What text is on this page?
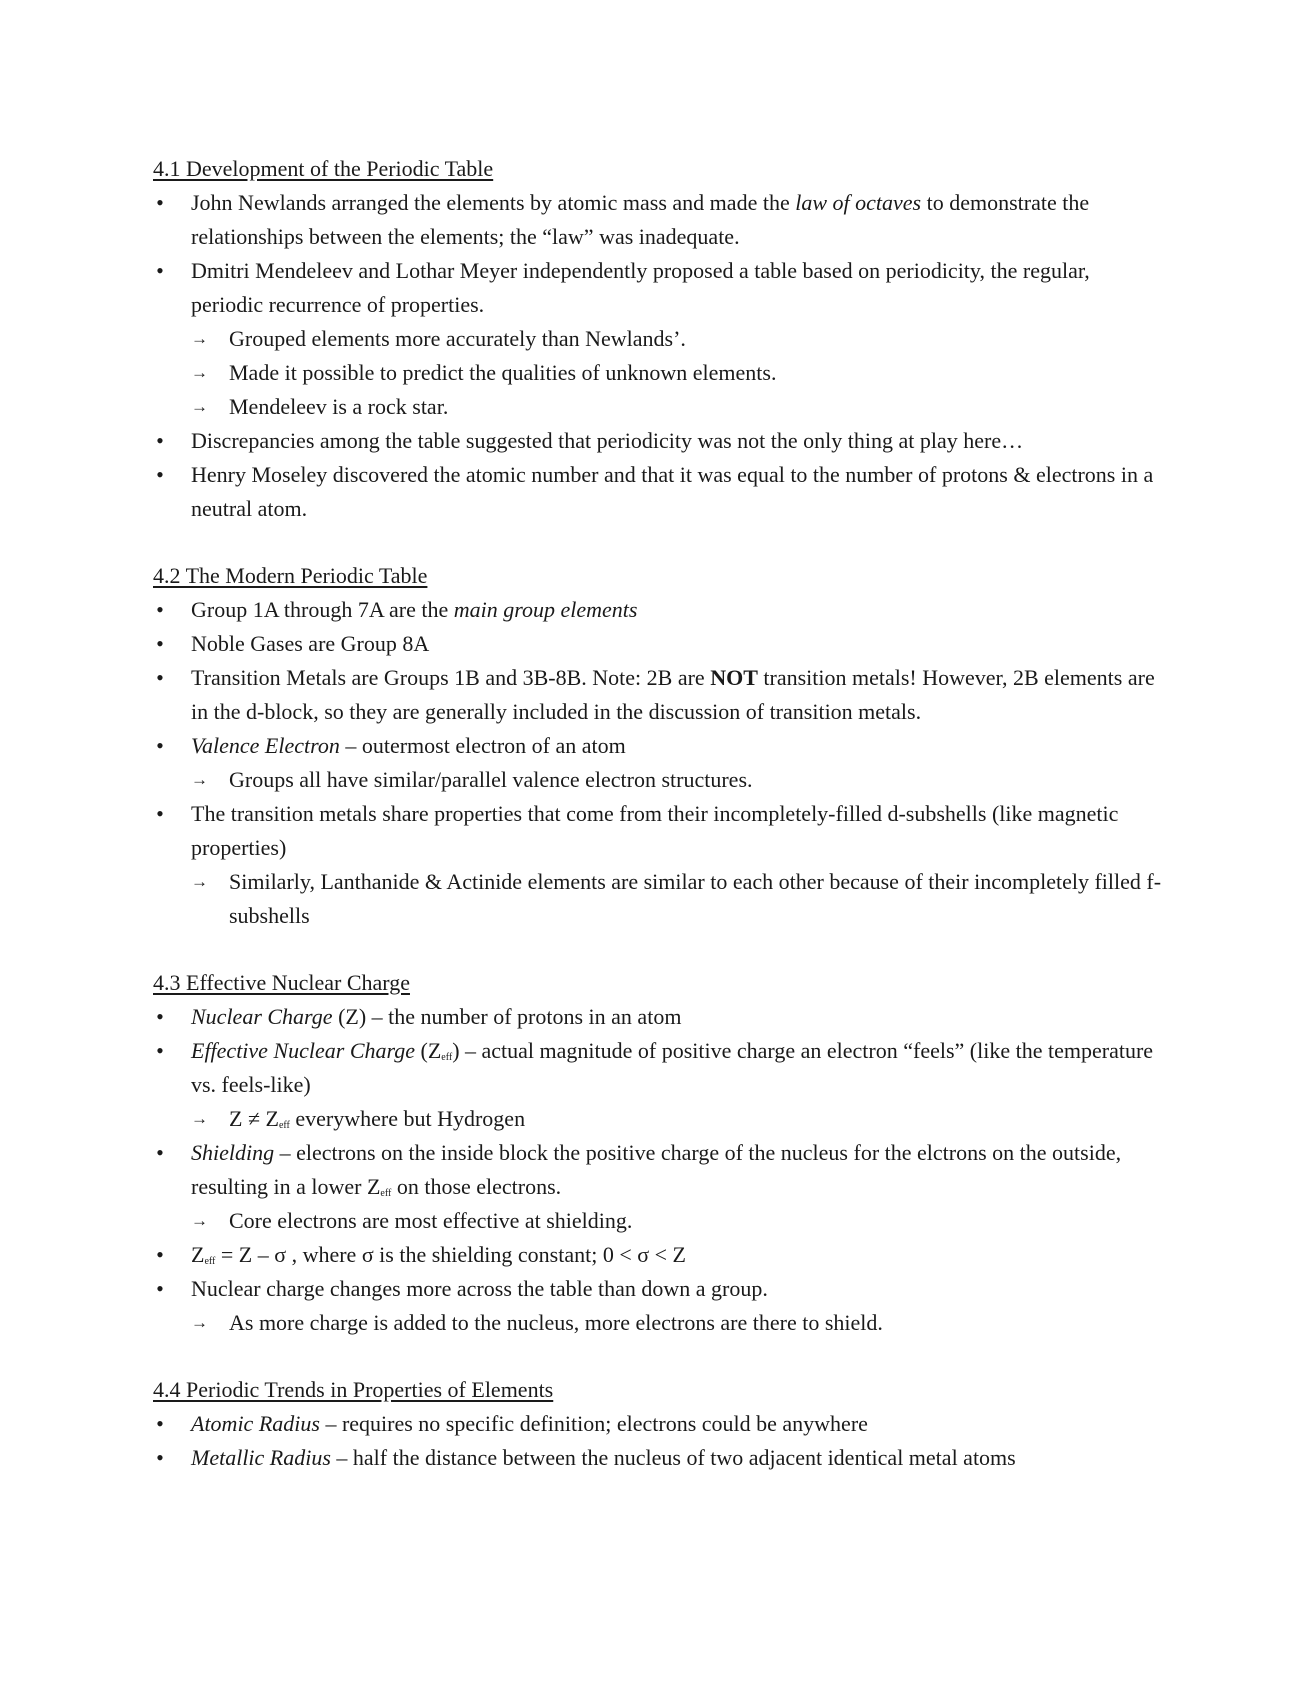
4.1 Development of the Periodic Table
• John Newlands arranged the elements by atomic mass and made the law of octaves to demonstrate the relationships between the elements; the “law” was inadequate.
• Dmitri Mendeleev and Lothar Meyer independently proposed a table based on periodicity, the regular, periodic recurrence of properties.
→ Grouped elements more accurately than Newlands’.
→ Made it possible to predict the qualities of unknown elements.
→ Mendeleev is a rock star.
• Discrepancies among the table suggested that periodicity was not the only thing at play here…
• Henry Moseley discovered the atomic number and that it was equal to the number of protons & electrons in a neutral atom.
4.2 The Modern Periodic Table
• Group 1A through 7A are the main group elements
• Noble Gases are Group 8A
• Transition Metals are Groups 1B and 3B-8B. Note: 2B are NOT transition metals! However, 2B elements are in the d-block, so they are generally included in the discussion of transition metals.
• Valence Electron – outermost electron of an atom
→ Groups all have similar/parallel valence electron structures.
• The transition metals share properties that come from their incompletely-filled d-subshells (like magnetic properties)
→ Similarly, Lanthanide & Actinide elements are similar to each other because of their incompletely filled f-subshells
4.3 Effective Nuclear Charge
• Nuclear Charge (Z) – the number of protons in an atom
• Effective Nuclear Charge $(Z_{eff})$ – actual magnitude of positive charge an electron “feels” (like the temperature vs. feels-like)
→ $Z \ne Z_{eff}$ everywhere but Hydrogen
• Shielding – electrons on the inside block the positive charge of the nucleus for the elctrons on the outside, resulting in a lower $Z_{eff}$ on those electrons.
→ Core electrons are most effective at shielding.
• $Z_{eff} = Z - \sigma$ , where σ is the shielding constant; 0 < σ < Z
• Nuclear charge changes more across the table than down a group.
→ As more charge is added to the nucleus, more electrons are there to shield.
4.4 Periodic Trends in Properties of Elements
• Atomic Radius – requires no specific definition; electrons could be anywhere
• Metallic Radius – half the distance between the nucleus of two adjacent identical metal atoms
